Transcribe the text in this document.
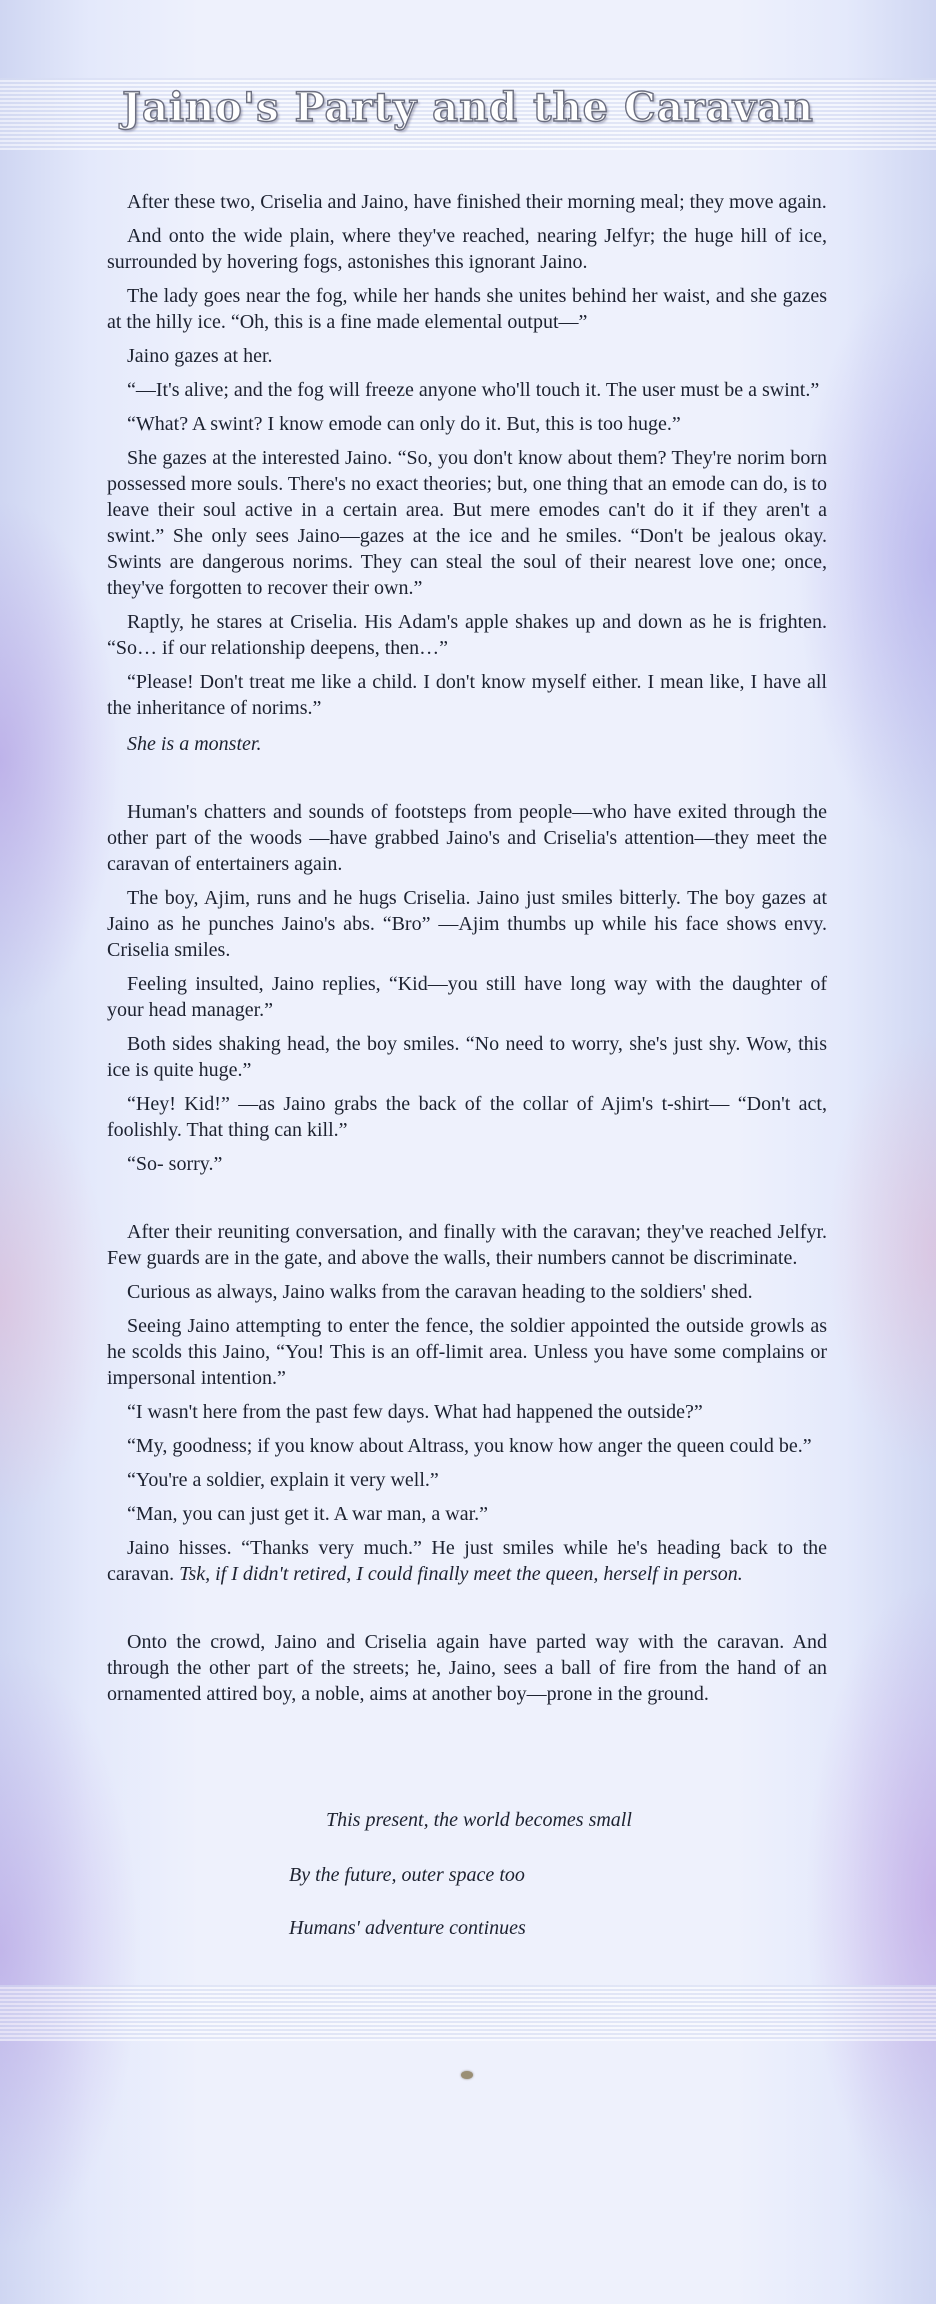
Jaino's Party and the Caravan

After these two, Criselia and Jaino, have finished their morning meal; they move again.

And onto the wide plain, where they've reached, nearing Jelfyr; the huge hill of ice, surrounded by hovering fogs, astonishes this ignorant Jaino.

The lady goes near the fog, while her hands she unites behind her waist, and she gazes at the hilly ice. “Oh, this is a fine made elemental output—”

Jaino gazes at her.

“—It's alive; and the fog will freeze anyone who'll touch it. The user must be a swint.”

“What? A swint? I know emode can only do it. But, this is too huge.”

She gazes at the interested Jaino. “So, you don't know about them? They're norim born possessed more souls. There's no exact theories; but, one thing that an emode can do, is to leave their soul active in a certain area. But mere emodes can't do it if they aren't a swint.” She only sees Jaino—gazes at the ice and he smiles. “Don't be jealous okay. Swints are dangerous norims. They can steal the soul of their nearest love one; once, they've forgotten to recover their own.”

Raptly, he stares at Criselia. His Adam's apple shakes up and down as he is frighten. “So… if our relationship deepens, then…”

“Please! Don't treat me like a child. I don't know myself either. I mean like, I have all the inheritance of norims.”

She is a monster.

Human's chatters and sounds of footsteps from people—who have exited through the other part of the woods —have grabbed Jaino's and Criselia's attention—they meet the caravan of entertainers again.

The boy, Ajim, runs and he hugs Criselia. Jaino just smiles bitterly. The boy gazes at Jaino as he punches Jaino's abs. “Bro” —Ajim thumbs up while his face shows envy. Criselia smiles.

Feeling insulted, Jaino replies, “Kid—you still have long way with the daughter of your head manager.”

Both sides shaking head, the boy smiles. “No need to worry, she's just shy. Wow, this ice is quite huge.”

“Hey! Kid!” —as Jaino grabs the back of the collar of Ajim's t-shirt— “Don't act, foolishly. That thing can kill.”

“So- sorry.”

After their reuniting conversation, and finally with the caravan; they've reached Jelfyr. Few guards are in the gate, and above the walls, their numbers cannot be discriminate.

Curious as always, Jaino walks from the caravan heading to the soldiers' shed.

Seeing Jaino attempting to enter the fence, the soldier appointed the outside growls as he scolds this Jaino, “You! This is an off-limit area. Unless you have some complains or impersonal intention.”

“I wasn't here from the past few days. What had happened the outside?”

“My, goodness; if you know about Altrass, you know how anger the queen could be.”

“You're a soldier, explain it very well.”

“Man, you can just get it. A war man, a war.”

Jaino hisses. “Thanks very much.” He just smiles while he's heading back to the caravan. Tsk, if I didn't retired, I could finally meet the queen, herself in person.

Onto the crowd, Jaino and Criselia again have parted way with the caravan. And through the other part of the streets; he, Jaino, sees a ball of fire from the hand of an ornamented attired boy, a noble, aims at another boy—prone in the ground.

This present, the world becomes small
By the future, outer space too
Humans' adventure continues
